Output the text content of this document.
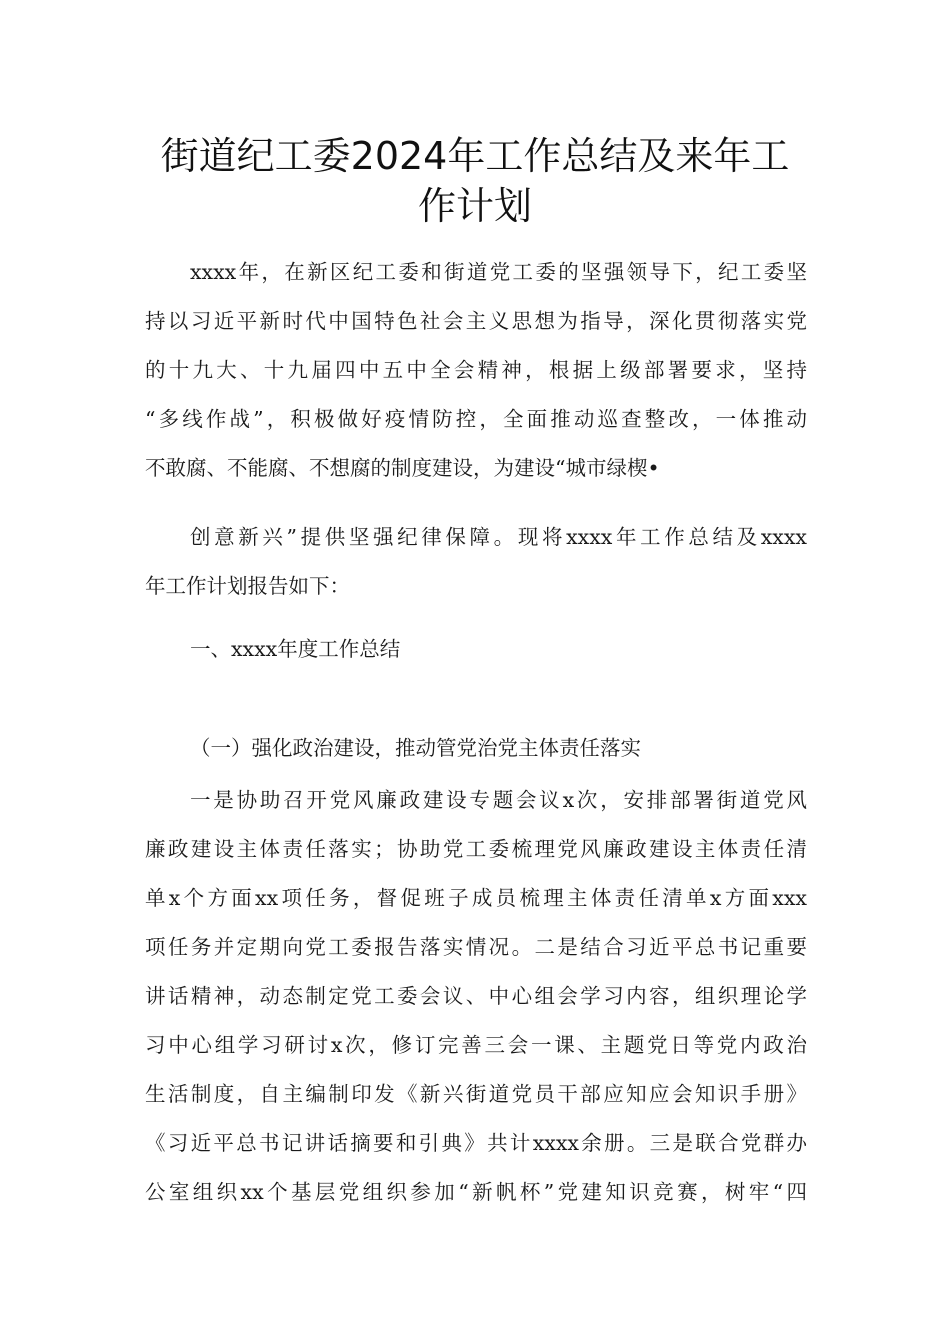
街道纪工委2024年工作总结及来年工
作计划
xxxx年，在新区纪工委和街道党工委的坚强领导下，纪工委坚
持以习近平新时代中国特色社会主义思想为指导，深化贯彻落实党
的十九大、十九届四中五中全会精神，根据上级部署要求，坚持
“多线作战”，积极做好疫情防控，全面推动巡查整改，一体推动
不敢腐、不能腐、不想腐的制度建设，为建设“城市绿楔•
创意新兴”提供坚强纪律保障。现将xxxx年工作总结及xxxx
年工作计划报告如下：
一、xxxx年度工作总结
（一）强化政治建设，推动管党治党主体责任落实
一是协助召开党风廉政建设专题会议x次，安排部署街道党风
廉政建设主体责任落实；协助党工委梳理党风廉政建设主体责任清
单x个方面xx项任务，督促班子成员梳理主体责任清单x方面xxx
项任务并定期向党工委报告落实情况。二是结合习近平总书记重要
讲话精神，动态制定党工委会议、中心组会学习内容，组织理论学
习中心组学习研讨x次，修订完善三会一课、主题党日等党内政治
生活制度，自主编制印发《新兴街道党员干部应知应会知识手册》
《习近平总书记讲话摘要和引典》共计xxxx余册。三是联合党群办
公室组织xx个基层党组织参加“新帆杯”党建知识竞赛，树牢“四
